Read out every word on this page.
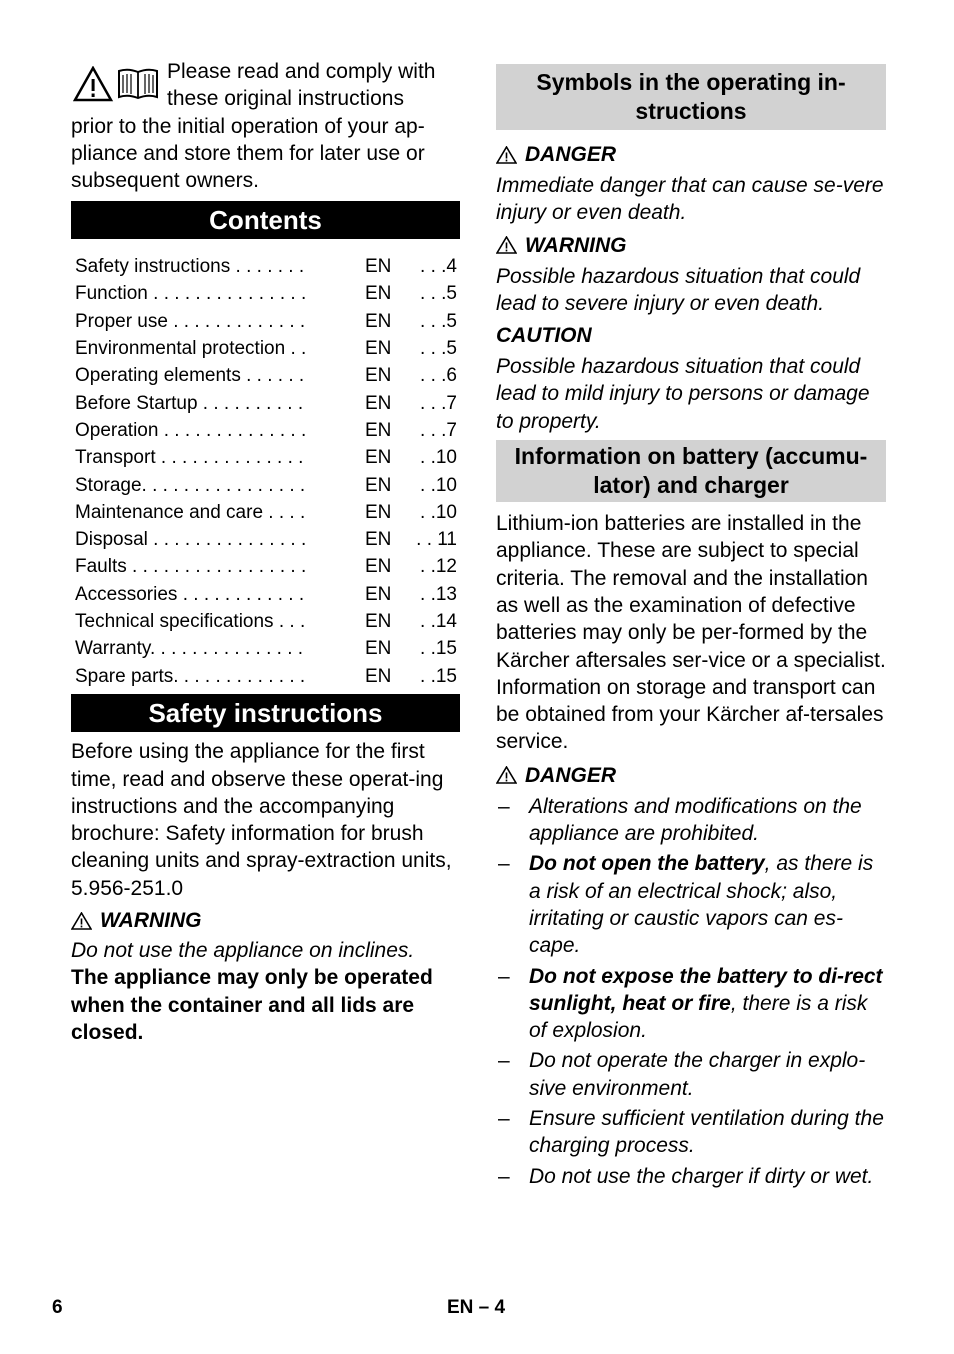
Please read and comply with

these original instructions

prior to the initial operation of your ap-pliance and store them for later use or subsequent owners.

Contents
Safety instructions . . . . . . .	EN	. . .4
Function . . . . . . . . . . . . . . .	EN	. . .5
Proper use . . . . . . . . . . . . .	EN	. . .5
Environmental protection . .	EN	. . .5
Operating elements . . . . . .	EN	. . .6
Before Startup . . . . . . . . . .	EN	. . .7
Operation . . . . . . . . . . . . . .	EN	. . .7
Transport . . . . . . . . . . . . . .	EN	. .10
Storage. . . . . . . . . . . . . . . .	EN	. .10
Maintenance and care . . . .	EN	. .10
Disposal . . . . . . . . . . . . . . .	EN	. . 11
Faults . . . . . . . . . . . . . . . . .	EN	. .12
Accessories . . . . . . . . . . . .	EN	. .13
Technical specifications . . .	EN	. .14
Warranty. . . . . . . . . . . . . . .	EN	. .15
Spare parts. . . . . . . . . . . . .	EN	. .15
Safety instructions

Before using the appliance for the first time, read and observe these operat-ing instructions and the accompanying brochure: Safety information for brush cleaning units and spray-extraction units, 5.956-251.0

WARNING

Do not use the appliance on inclines.

The appliance may only be operated when the container and all lids are closed.

Symbols in the operating in-structions
DANGER

Immediate danger that can cause se-vere injury or even death.

WARNING

Possible hazardous situation that could lead to severe injury or even death.

CAUTION

Possible hazardous situation that could lead to mild injury to persons or damage to property.

Information on battery (accumu-lator) and charger

Lithium-ion batteries are installed in the appliance. These are subject to special criteria. The removal and the installation as well as the examination of defective batteries may only be per-formed by the Kärcher aftersales ser-vice or a specialist.

Information on storage and transport can be obtained from your Kärcher af-tersales service.

DANGER
– Alterations and modifications on the appliance are prohibited.
– Do not open the battery, as there is a risk of an electrical shock; also, irritating or caustic vapors can es-cape.
– Do not expose the battery to di-rect sunlight, heat or fire, there is a risk of explosion.
– Do not operate the charger in explo-sive environment.
– Ensure sufficient ventilation during the charging process.
– Do not use the charger if dirty or wet.
6	EN – 4
